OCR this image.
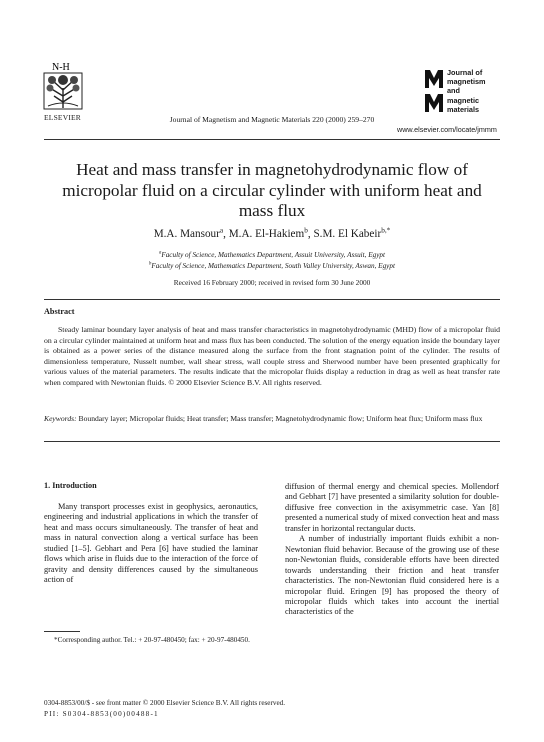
N-H
ELSEVIER	Journal of Magnetism and Magnetic Materials 220 (2000) 259–270
Journal of
magnetism
and
magnetic
materials
www.elsevier.com/locate/jmmm
Heat and mass transfer in magnetohydrodynamic flow of micropolar fluid on a circular cylinder with uniform heat and mass flux
M.A. Mansour$^a$, M.A. El-Hakiem$^b$, S.M. El Kabeir$^{b,*}$
$^a$Faculty of Science, Mathematics Department, Assuit University, Assuit, Egypt
$^b$Faculty of Science, Mathematics Department, South Valley University, Aswan, Egypt
Received 16 February 2000; received in revised form 30 June 2000
Abstract
Steady laminar boundary layer analysis of heat and mass transfer characteristics in magnetohydrodynamic (MHD) flow of a micropolar fluid on a circular cylinder maintained at uniform heat and mass flux has been conducted. The solution of the energy equation inside the boundary layer is obtained as a power series of the distance measured along the surface from the front stagnation point of the cylinder. The results of dimensionless temperature, Nusselt number, wall shear stress, wall couple stress and Sherwood number have been presented graphically for various values of the material parameters. The results indicate that the micropolar fluids display a reduction in drag as well as heat transfer rate when compared with Newtonian fluids. © 2000 Elsevier Science B.V. All rights reserved.
Keywords: Boundary layer; Micropolar fluids; Heat transfer; Mass transfer; Magnetohydrodynamic flow; Uniform heat flux; Uniform mass flux
1. Introduction

Many transport processes exist in geophysics, aeronautics, engineering and industrial applications in which the transfer of heat and mass occurs simultaneously. The transfer of heat and mass in natural convection along a vertical surface has been studied [1–5]. Gebhart and Pera [6] have studied the laminar flows which arise in fluids due to the interaction of the force of gravity and density differences caused by the simultaneous action of

diffusion of thermal energy and chemical species. Mollendorf and Gebhart [7] have presented a similarity solution for double-diffusive free convection in the axisymmetric case. Yan [8] presented a numerical study of mixed convection heat and mass transfer in horizontal rectangular ducts.

A number of industrially important fluids exhibit a non-Newtonian fluid behavior. Because of the growing use of these non-Newtonian fluids, considerable efforts have been directed towards understanding their friction and heat transfer characteristics. The non-Newtonian fluid considered here is a micropolar fluid. Eringen [9] has proposed the theory of micropolar fluids which takes into account the inertial characteristics of the

*Corresponding author. Tel.: + 20-97-480450; fax: + 20-97-480450.
0304-8853/00/$ - see front matter © 2000 Elsevier Science B.V. All rights reserved.
PII: S0304-8853(00)00488-1
